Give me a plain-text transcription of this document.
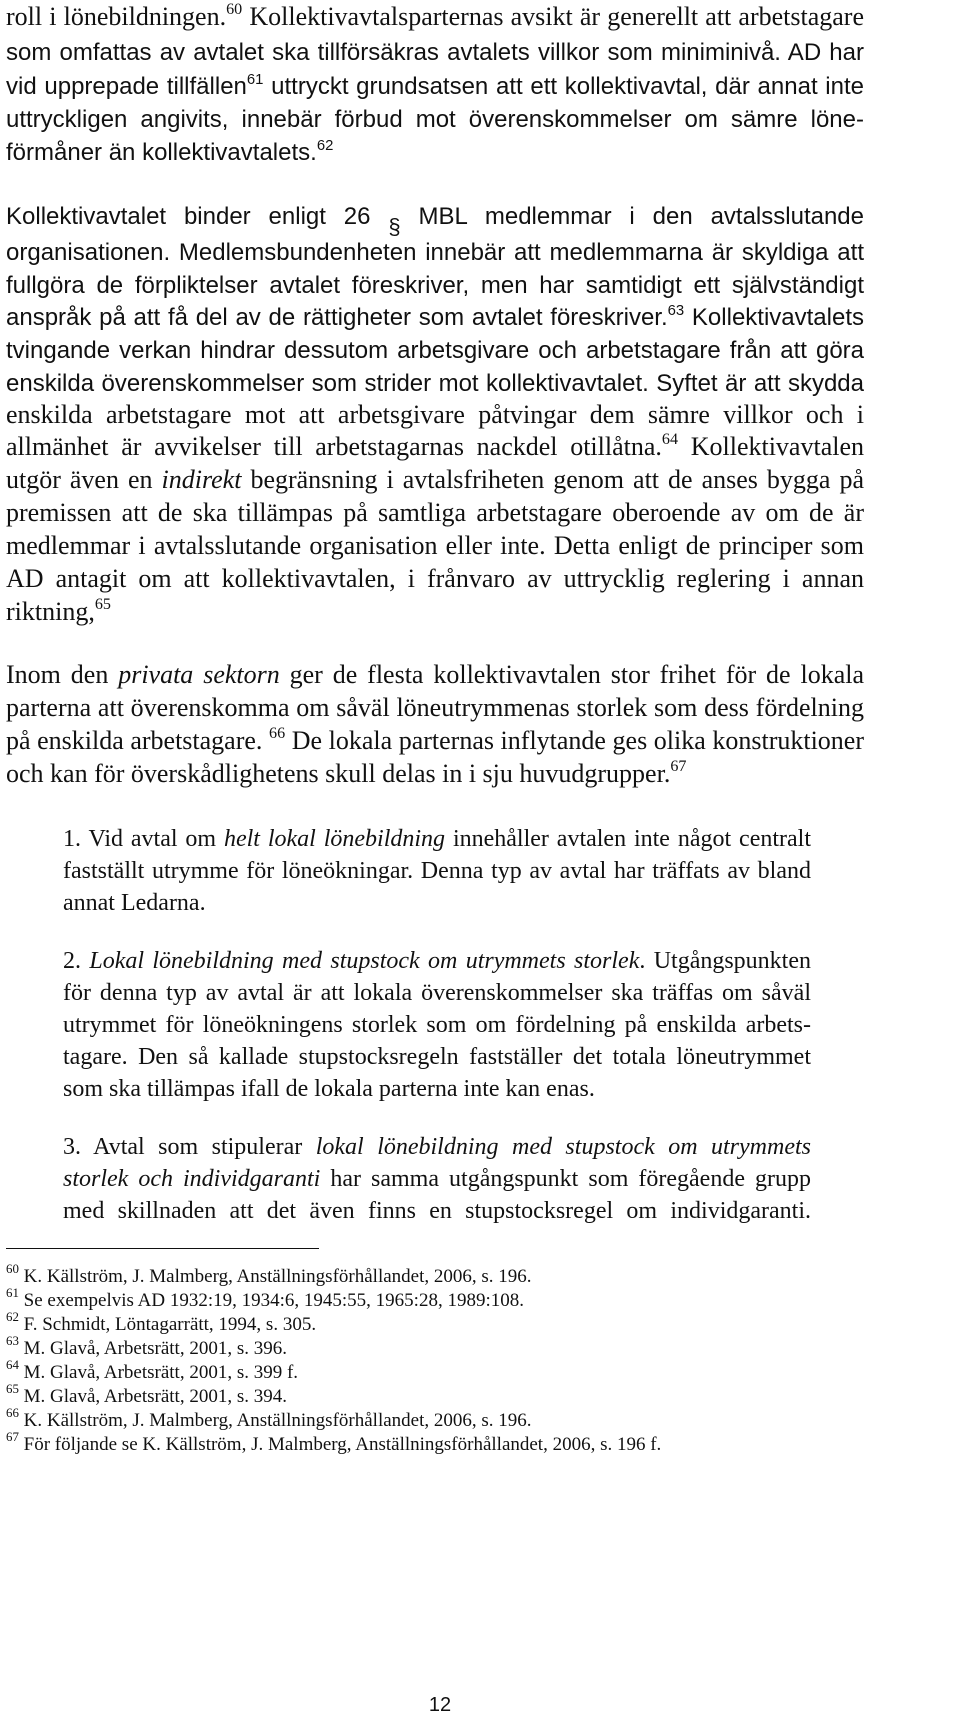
roll i lönebildningen.$^{60}$ Kollektivavtalsparternas avsikt är generellt att arbetstagare
som omfattas av avtalet ska tillförsäkras avtalets villkor som miniminivå. AD har
vid upprepade tillfällen$^{61}$ uttryckt grundsatsen att ett kollektivavtal, där annat inte
uttryckligen angivits, innebär förbud mot överenskommelser om sämre löne-
förmåner än kollektivavtalets.$^{62}$
Kollektivavtalet binder enligt 26 § MBL medlemmar i den avtalsslutande
organisationen. Medlemsbundenheten innebär att medlemmarna är skyldiga att
fullgöra de förpliktelser avtalet föreskriver, men har samtidigt ett självständigt
anspråk på att få del av de rättigheter som avtalet föreskriver.$^{63}$ Kollektivavtalets
tvingande verkan hindrar dessutom arbetsgivare och arbetstagare från att göra
enskilda överenskommelser som strider mot kollektivavtalet. Syftet är att skydda
enskilda arbetstagare mot att arbetsgivare påtvingar dem sämre villkor och i
allmänhet är avvikelser till arbetstagarnas nackdel otillåtna.$^{64}$ Kollektivavtalen
utgör även en indirekt begränsning i avtalsfriheten genom att de anses bygga på
premissen att de ska tillämpas på samtliga arbetstagare oberoende av om de är
medlemmar i avtalsslutande organisation eller inte. Detta enligt de principer som
AD antagit om att kollektivavtalen, i frånvaro av uttrycklig reglering i annan
riktning,$^{65}$
Inom den privata sektorn ger de flesta kollektivavtalen stor frihet för de lokala
parterna att överenskomma om såväl löneutrymmenas storlek som dess fördelning
på enskilda arbetstagare. $^{66}$ De lokala parternas inflytande ges olika konstruktioner
och kan för överskådlighetens skull delas in i sju huvudgrupper.$^{67}$
1. Vid avtal om helt lokal lönebildning innehåller avtalen inte något centralt
fastställt utrymme för löneökningar. Denna typ av avtal har träffats av bland
annat Ledarna.
2. Lokal lönebildning med stupstock om utrymmets storlek. Utgångspunkten
för denna typ av avtal är att lokala överenskommelser ska träffas om såväl
utrymmet för löneökningens storlek som om fördelning på enskilda arbets-
tagare. Den så kallade stupstocksregeln fastställer det totala löneutrymmet
som ska tillämpas ifall de lokala parterna inte kan enas.
3. Avtal som stipulerar lokal lönebildning med stupstock om utrymmets
storlek och individgaranti har samma utgångspunkt som föregående grupp
med skillnaden att det även finns en stupstocksregel om individgaranti.
$^{60}$ K. Källström, J. Malmberg, Anställningsförhållandet, 2006, s. 196.
$^{61}$ Se exempelvis AD 1932:19, 1934:6, 1945:55, 1965:28, 1989:108.
$^{62}$ F. Schmidt, Löntagarrätt, 1994, s. 305.
$^{63}$ M. Glavå, Arbetsrätt, 2001, s. 396.
$^{64}$ M. Glavå, Arbetsrätt, 2001, s. 399 f.
$^{65}$ M. Glavå, Arbetsrätt, 2001, s. 394.
$^{66}$ K. Källström, J. Malmberg, Anställningsförhållandet, 2006, s. 196.
$^{67}$ För följande se K. Källström, J. Malmberg, Anställningsförhållandet, 2006, s. 196 f.
12
